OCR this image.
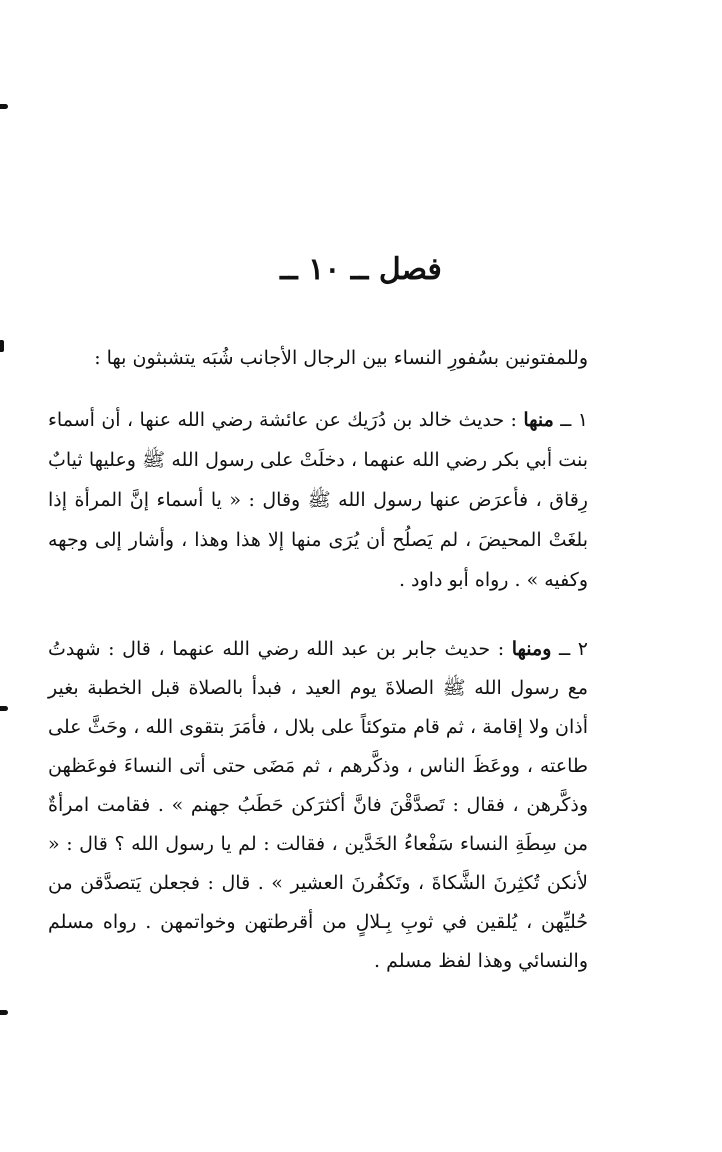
فصل ــ ١٠ ــ

وللمفتونين بسُفورِ النساء بين الرجال الأجانب شُبَه يتشبثون بها :

١ ــ منها : حديث خالد بن دُرَيك عن عائشة رضي الله عنها ، أن أسماء بنت أبي بكر رضي الله عنهما ، دخلَتْ على رسول الله ﷺ وعليها ثيابٌ رِقاق ، فأعرَض عنها رسول الله ﷺ وقال : « يا أسماء إنَّ المرأة إذا بلغَتْ المحيضَ ، لم يَصلُح أن يُرَى منها إلا هذا وهذا ، وأشار إلى وجهه وكفيه » . رواه أبو داود .

٢ ــ ومنها : حديث جابر بن عبد الله رضي الله عنهما ، قال : شهدتُ مع رسول الله ﷺ الصلاةَ يوم العيد ، فبدأ بالصلاة قبل الخطبة بغير أذان ولا إقامة ، ثم قام متوكئاً على بلال ، فأمَرَ بتقوى الله ، وحَثَّ على طاعته ، ووعَظَ الناس ، وذكَّرهم ، ثم مَضَى حتى أتى النساءَ فوعَظهن وذكَّرهن ، فقال : تَصدَّقْنَ فانَّ أكثرَكن حَطَبُ جهنم » . فقامت امرأةٌ من سِطَةِ النساء سَفْعاءُ الخَدَّين ، فقالت : لم يا رسول الله ؟ قال : « لأنكن تُكثِرنَ الشَّكاةَ ، وتَكفُرنَ العشير » . قال : فجعلن يَتصدَّقن من حُليِّهن ، يُلقين في ثوبِ بِـلالٍ من أقرطتهن وخواتمهن . رواه مسلم والنسائي وهذا لفظ مسلم .
